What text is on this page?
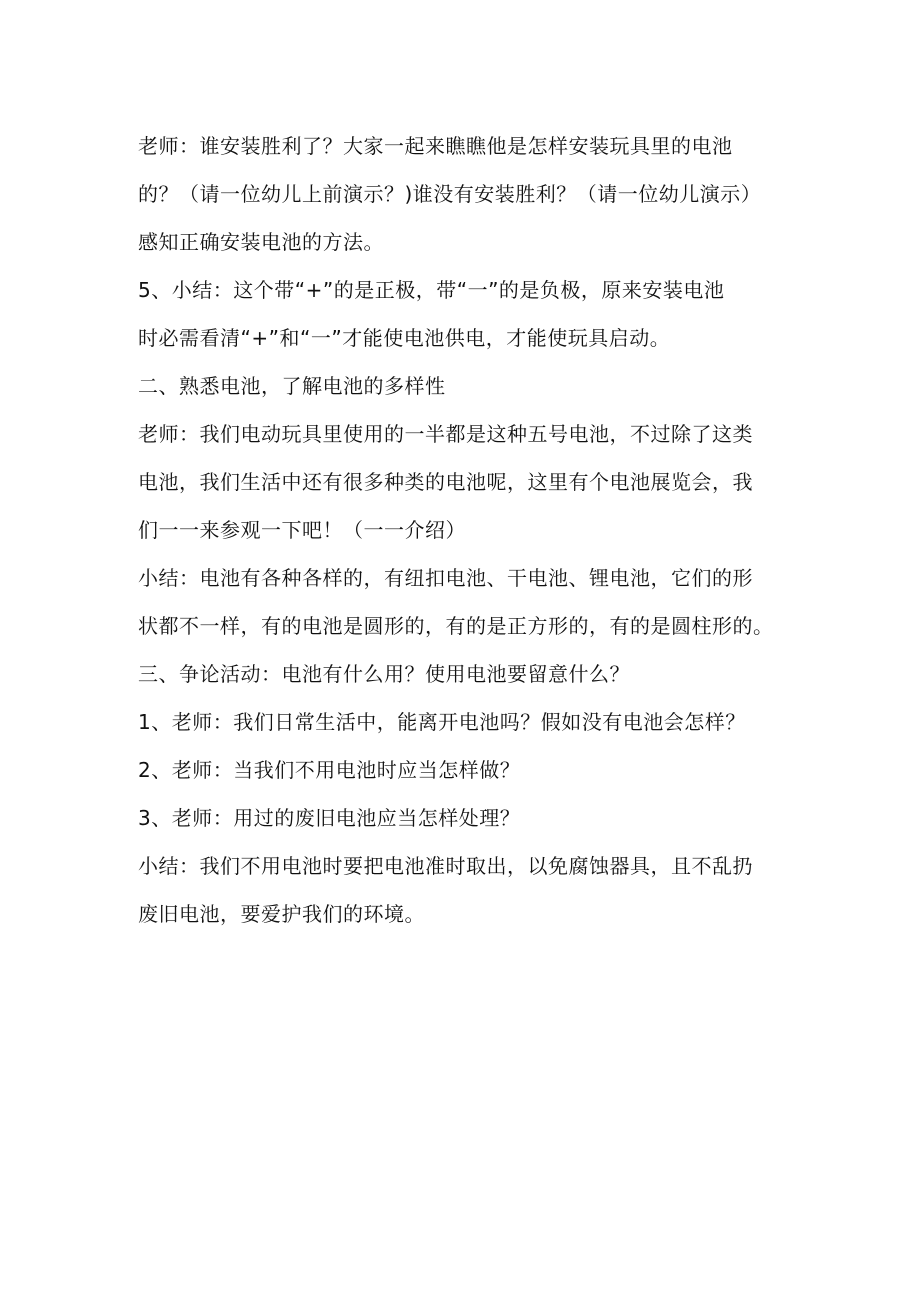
老师：谁安装胜利了？大家一起来瞧瞧他是怎样安装玩具里的电池
的？（请一位幼儿上前演示？)谁没有安装胜利？（请一位幼儿演示）
感知正确安装电池的方法。
5、小结：这个带“+”的是正极，带“一”的是负极，原来安装电池
时必需看清“+”和“一”才能使电池供电，才能使玩具启动。
二、熟悉电池，了解电池的多样性
老师：我们电动玩具里使用的一半都是这种五号电池，不过除了这类
电池，我们生活中还有很多种类的电池呢，这里有个电池展览会，我
们一一来参观一下吧！（一一介绍）
小结：电池有各种各样的，有纽扣电池、干电池、锂电池，它们的形
状都不一样，有的电池是圆形的，有的是正方形的，有的是圆柱形的。
三、争论活动：电池有什么用？使用电池要留意什么？
1、老师：我们日常生活中，能离开电池吗？假如没有电池会怎样？
2、老师：当我们不用电池时应当怎样做？
3、老师：用过的废旧电池应当怎样处理？
小结：我们不用电池时要把电池准时取出，以免腐蚀器具，且不乱扔
废旧电池，要爱护我们的环境。
